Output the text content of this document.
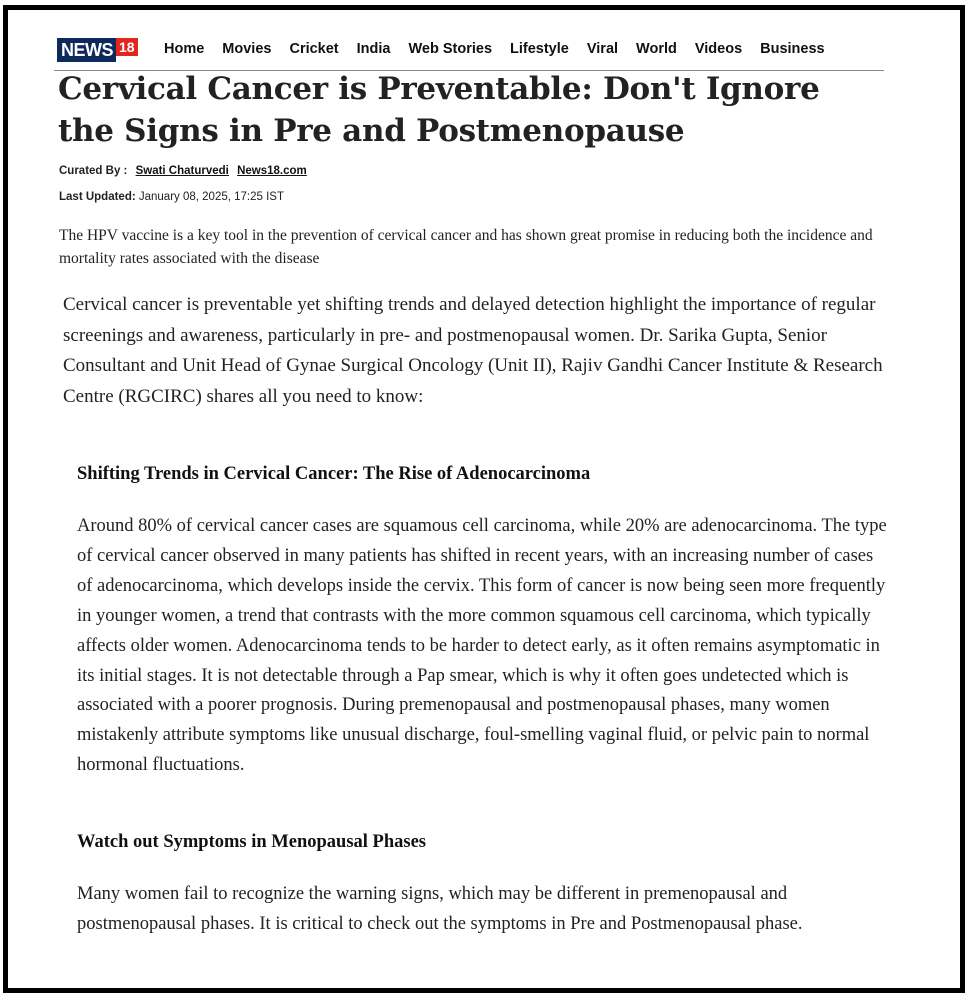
NEWS 18 Home Movies Cricket India Web Stories Lifestyle Viral World Videos Business
Cervical Cancer is Preventable: Don't Ignore the Signs in Pre and Postmenopause
Curated By : Swati Chaturvedi News18.com
Last Updated: January 08, 2025, 17:25 IST

The HPV vaccine is a key tool in the prevention of cervical cancer and has shown great promise in reducing both the incidence and mortality rates associated with the disease

Cervical cancer is preventable yet shifting trends and delayed detection highlight the importance of regular screenings and awareness, particularly in pre- and postmenopausal women. Dr. Sarika Gupta, Senior Consultant and Unit Head of Gynae Surgical Oncology (Unit II), Rajiv Gandhi Cancer Institute & Research Centre (RGCIRC) shares all you need to know:

Shifting Trends in Cervical Cancer: The Rise of Adenocarcinoma

Around 80% of cervical cancer cases are squamous cell carcinoma, while 20% are adenocarcinoma. The type of cervical cancer observed in many patients has shifted in recent years, with an increasing number of cases of adenocarcinoma, which develops inside the cervix. This form of cancer is now being seen more frequently in younger women, a trend that contrasts with the more common squamous cell carcinoma, which typically affects older women. Adenocarcinoma tends to be harder to detect early, as it often remains asymptomatic in its initial stages. It is not detectable through a Pap smear, which is why it often goes undetected which is associated with a poorer prognosis. During premenopausal and postmenopausal phases, many women mistakenly attribute symptoms like unusual discharge, foul-smelling vaginal fluid, or pelvic pain to normal hormonal fluctuations.

Watch out Symptoms in Menopausal Phases

Many women fail to recognize the warning signs, which may be different in premenopausal and postmenopausal phases. It is critical to check out the symptoms in Pre and Postmenopausal phase.
